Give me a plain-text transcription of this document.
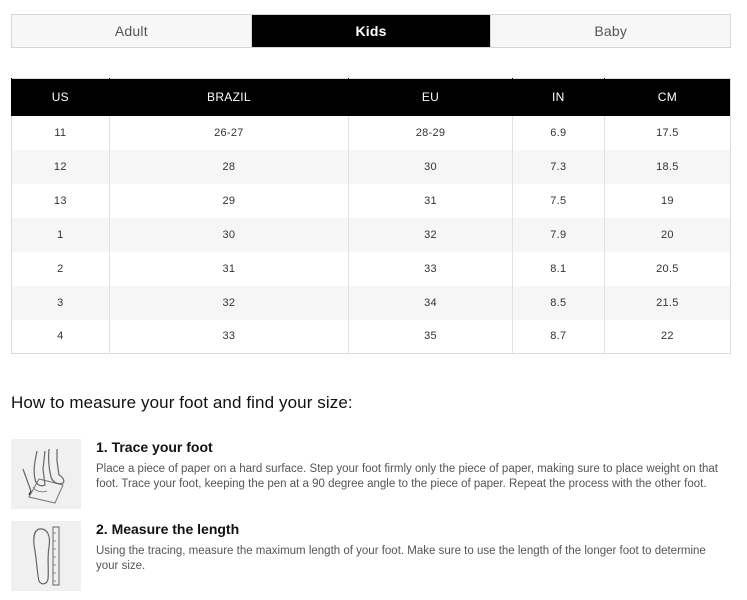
Adult	Kids	Baby
US	BRAZIL	EU	IN	CM
11	26-27	28-29	6.9	17.5
12	28	30	7.3	18.5
13	29	31	7.5	19
1	30	32	7.9	20
2	31	33	8.1	20.5
3	32	34	8.5	21.5
4	33	35	8.7	22
How to measure your foot and find your size:
1. Trace your foot
Place a piece of paper on a hard surface. Step your foot firmly only the piece of paper, making sure to place weight on that foot. Trace your foot, keeping the pen at a 90 degree angle to the piece of paper. Repeat the process with the other foot.
2. Measure the length
Using the tracing, measure the maximum length of your foot. Make sure to use the length of the longer foot to determine your size.
